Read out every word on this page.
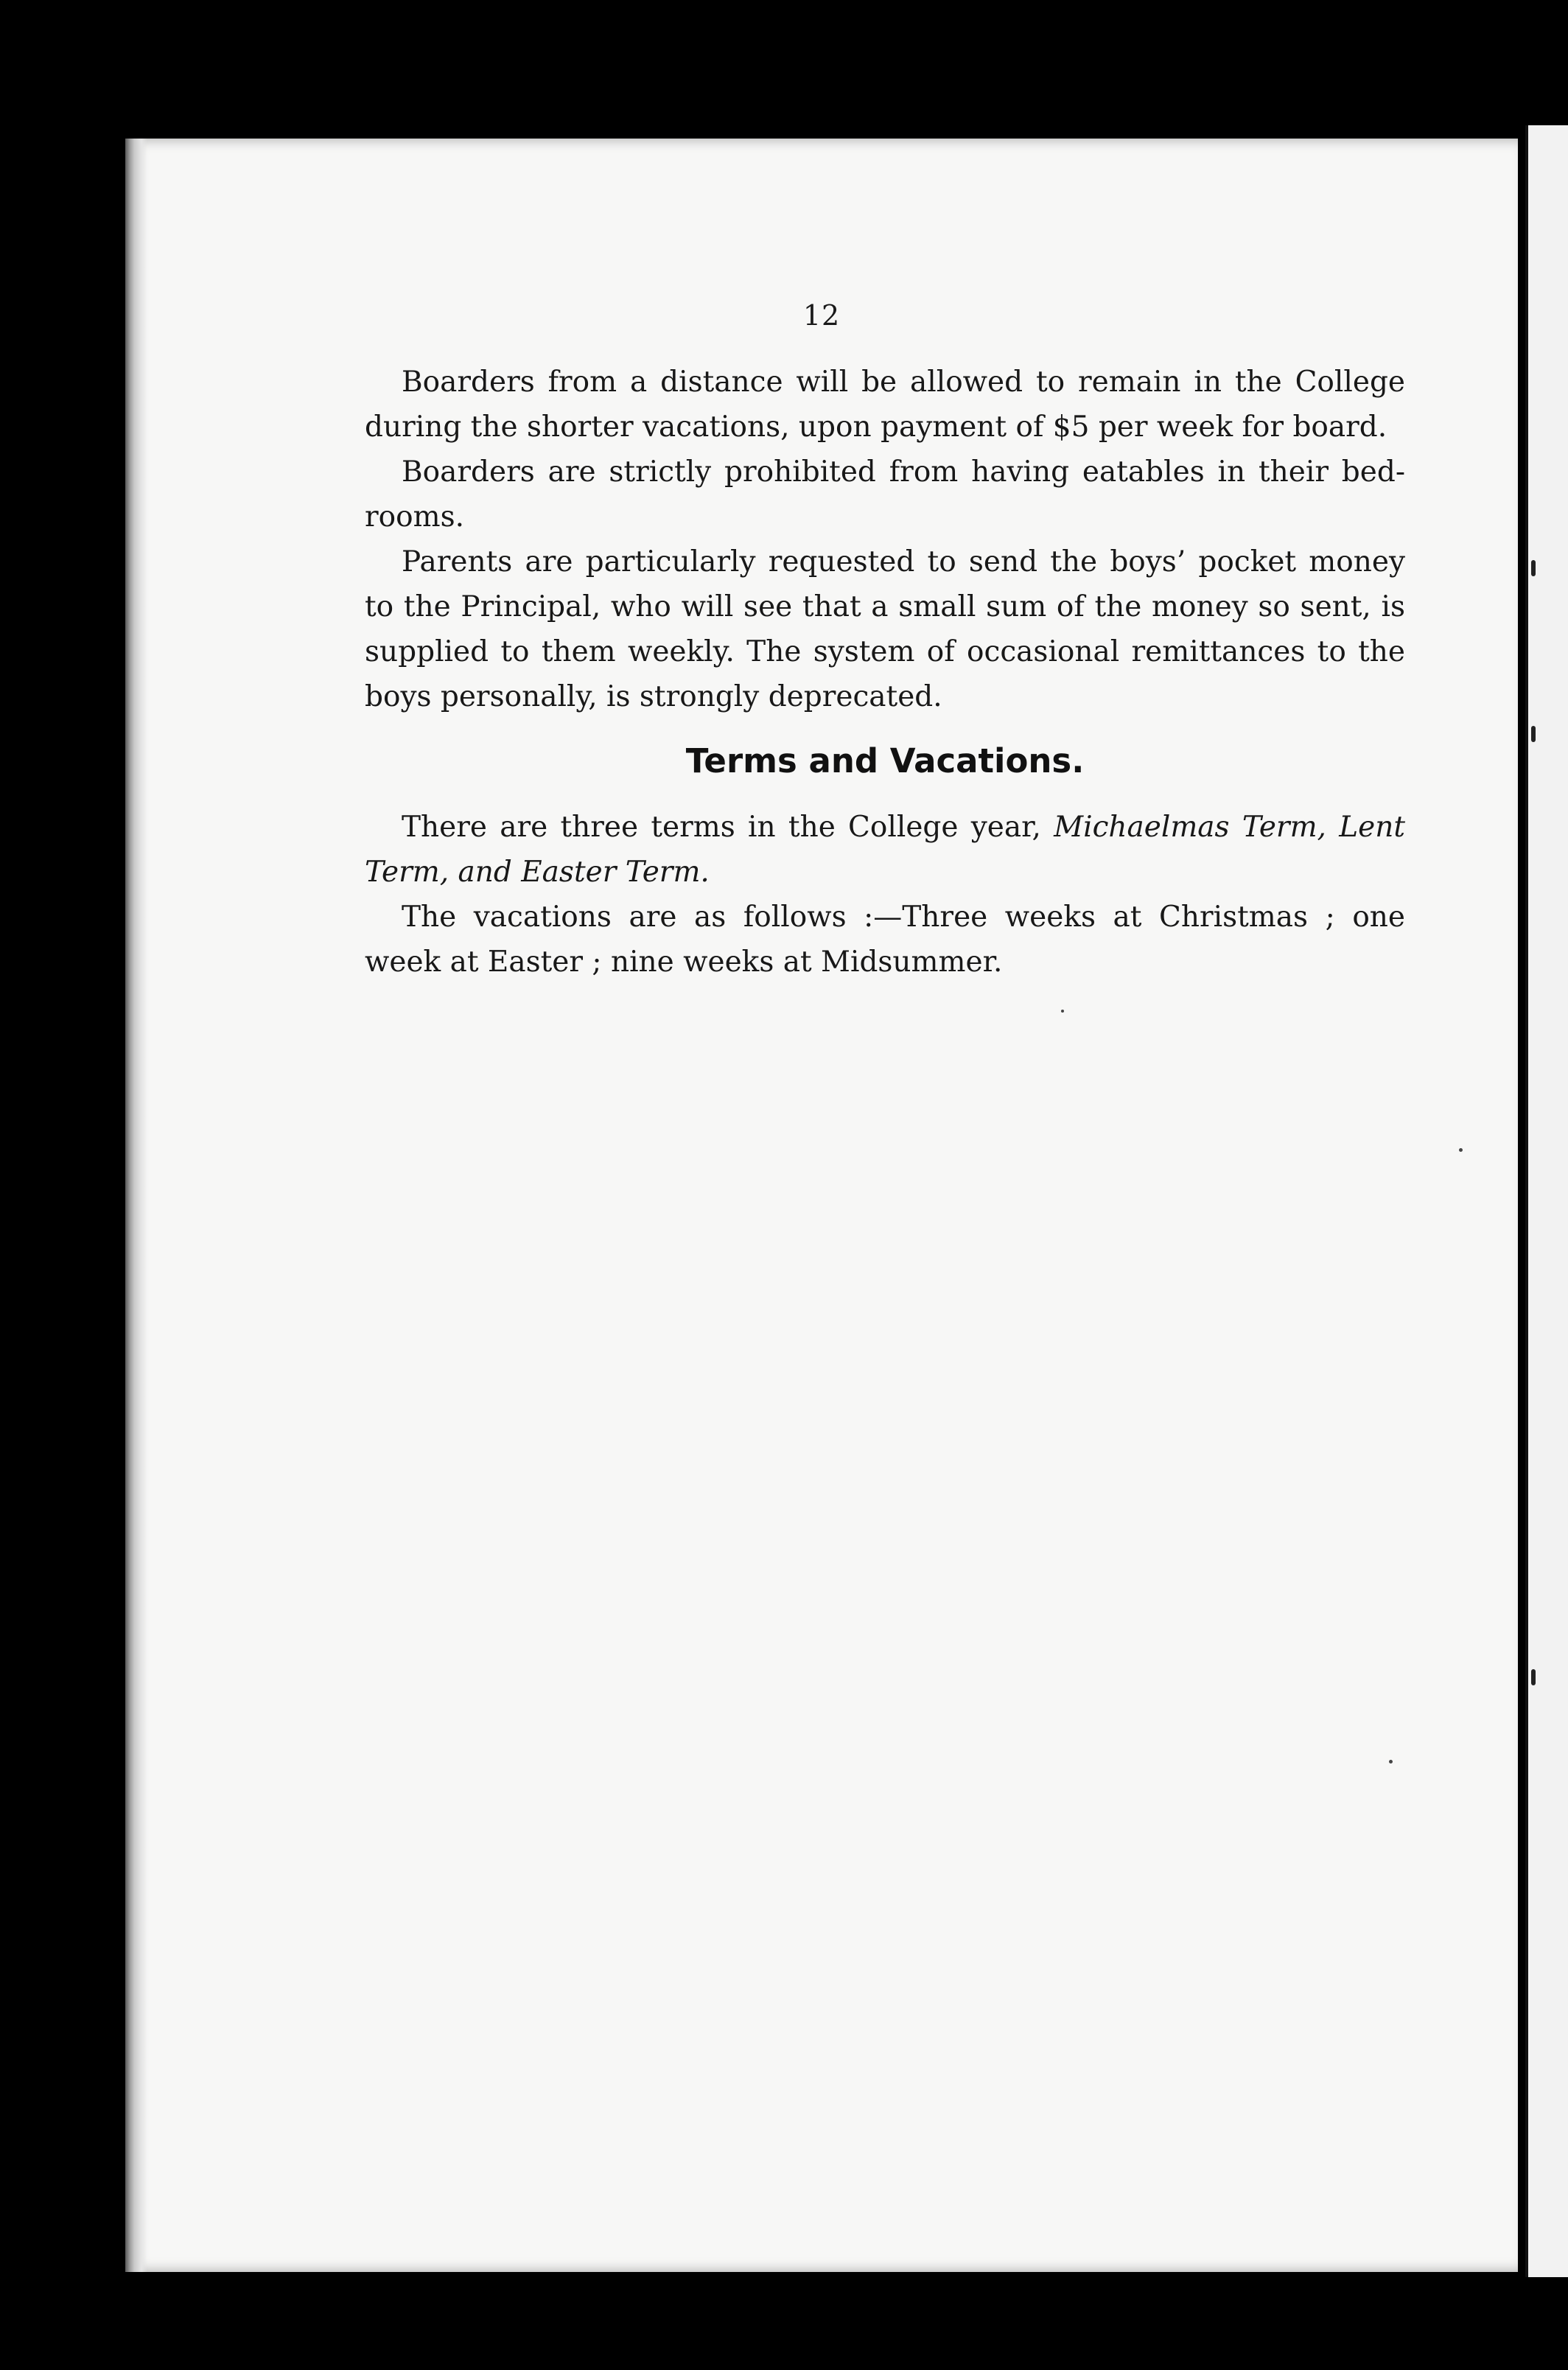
12

Boarders from a distance will be allowed to remain in the College during the shorter vacations, upon payment of $5 per week for board.

Boarders are strictly prohibited from having eatables in their bed-rooms.

Parents are particularly requested to send the boys’ pocket money to the Principal, who will see that a small sum of the money so sent, is supplied to them weekly. The system of occasional remittances to the boys personally, is strongly deprecated.

Terms and Vacations.

There are three terms in the College year, Michaelmas Term, Lent Term, and Easter Term.

The vacations are as follows :—Three weeks at Christmas ; one week at Easter ; nine weeks at Midsummer.
